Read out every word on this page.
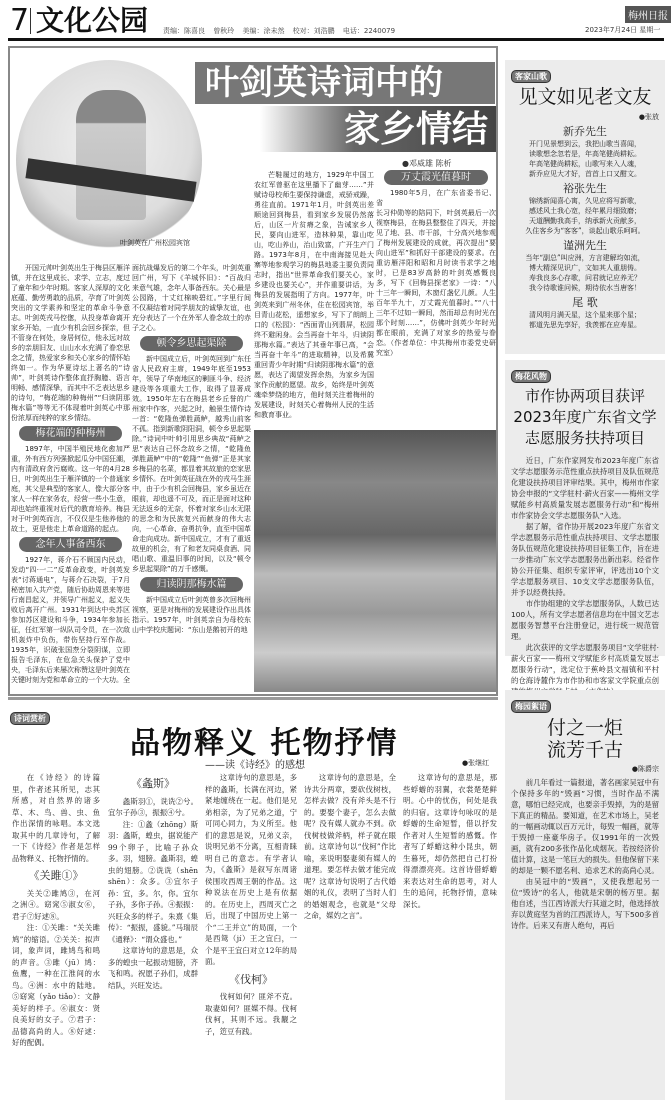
7 文化公园 责编：陈喜良 曾秋玲 美编：涂未然 校对：刘浩鹏 电话：2240079
梅州日报
2023年7月24日 星期一
叶剑英在广州松园宾馆
叶剑英诗词中的
家乡情结
●邓威雄 陈析

开国元帅叶剑英出生于梅县区雁洋镇，并在这里成长、求学、立志，度过了童年和少年时期。客家人深厚的文化底蕴、勤劳勇敢的品质，孕育了叶剑英突出的文学素养和坚定的革命斗争意志。叶剑英戎马倥偬，从投身革命离开家乡开始，一直少有机会回乡探亲，但不管身在何处，身居何位，他永远对故乡的亲朋旧友、山山水水充满了眷恋思念之情，热爱家乡和关心家乡的情怀始终如一。作为华夏诗坛上著名的“诗帅”，叶剑英诗作整体直抒胸臆、语言明畅、感情深挚，而其中不乏表达思乡的诗句，“梅花端的种梅州”“归读阴那梅水篇”等等无不体现着叶剑英心中那份浓厚而纯粹的家乡情结。

梅花端的种梅州

1897年，中国半殖民地化愈加严重，外有西方列强掀起瓜分中国狂潮，内有清政府贪污腐败。这一年的4月28日，叶剑英出生于雁洋镇的一个普通家庭，其父是典型的客家人，像大部分客家人一样在家务农，经营一些小生意，却也始终重视对后代的教育培养。梅县对于叶剑英而言，不仅仅是生他养他的故土，更是他走上革命道路的起点。

念年人事备西东

1927年，蒋介石不顾国内民动，发动“四·一二”反革命政变，叶剑英发表“讨蒋通电”，与蒋介石决裂，于7月秘密加入共产党，随后协助周恩来等进行南昌起义，并领导广州起义，起义失败后离开广州。1931年到达中央苏区参加苏区建设和斗争，1934年参加长征，任红军第一纵队司令员，在一次敌机轰炸中负伤，带伤坚持行军作战。1935年，识破张国焘分裂阴谋，立即报告毛泽东，在危急关头保护了党中央，毛泽东后来屡次称赞这是叶剑英在关键时刻为党和革命立的一个大功。全面抗战爆发后的第二个年头，叶剑英重回广州，写下《羊城怀旧》：“百战归来意气雄，念年人事备西东。关心最是公园路，十丈红棉映碧红。”字里行间不仅凝结着对同学朋友的诚挚友谊，也充分表达了一个在外军人眷念故土的赤子之心。

顿令乡思起渠除

新中国成立后，叶剑英回到广东任省人民政府主席，1949年底至1953年，领导了华南地区的剿匪斗争、经济建设等各项重大工作，取得了显著成效。1950年左右在梅县老乡丘誉的广州家中作客，兴起之时，触景生情作诗一首：“乾隆鱼弹胜蔬鲈，越秀山前客不孤。指到新歌阴阳洞，顿令乡思起渠除。”诗词中叶帅引用思乡典故“莼鲈之思”表达自己怀念故乡之情，“乾隆鱼弹胜蔬鲈”中的“乾隆”“鱼弹”正是其家乡梅县的名菜，都显着其故旅的恋家思乡情怀。在叶剑英征战在外的戎马生涯中，由于少有机会回梅县，家乡虽近在眼前，却也遥不可及，而正是面对这种无法返乡的无奈，怀着对家乡山水无限的思念和为民族复兴而献身的伟大志向，一心革命、奋勇抗争，直至中国革命走向成功。新中国成立，才有了重返故里的机会，有了和老友同桌食酒、同唱山歌、重温旧事的时间，以及“顿令乡思起渠除”的万千感慨。

归读阴那梅水篇

新中国成立后叶剑英曾多次回梅州视察，更是对梅州的发展建设作出具体指示。1957年，叶剑英亲自为母校东山中学校庆题词：“东山是鹅初开的地

芒鞋履过的地方，1929年中国工农红军曾驱在这里播下了幽芽……”并赋诗母校师生要保持谦虚，戒骄戒躁，勇往直前。1971年1月，叶剑英出差顺途回到梅县，看到家乡发展仍然落后，山区一片贫瘠之象，告诫家乡人民，要向山进军，造林种果，靠山吃山，吃山养山，治山致富，广开生产门路。1973年8月，在中南海接见赴大寨等地参观学习的梅县地委主要负责同志时，指出“世界革命我们要关心，家乡建设也要关心”，并作重要讲话，为梅县的发展指明了方向。1977年，叶剑英来到广州冬休，住在松园宾馆，举目青山花松，遥想家乡，写下了朗朗上口的《松园》：“西面青山列翡屏，松园终不避闲身。会当再奋十年斗，归读阴那梅水篇。”表达了其垂年事已高，“会当再奋十年斗”的进取精神，以及希冀重回青少年时期“归读阴那梅水篇”的意愿，表达了渴望发挥余热，为家乡为国家作贡献的愿望。故乡，始终是叶剑英魂牵梦绕的地方，他时刻关注着梅州的发展建设，时刻关心着梅州人民的生活和教育事业。

万丈霞光值暮时

1980年5月，在广东省委书记、省

长习仲勋等的陪同下，叶剑英最后一次视察梅县，在梅县整整住了四天，并接见了地、县、市干部，十分高兴地参观了梅州发展建设的成就，再次提出“要向山进军”和抓好干部建设的要求。在重访雁洋阳和昭和月时读书求学之地时，已是83岁高龄的叶剑英感慨良多，写下《回梅县探老家》一诗：“八十三年一瞬间，木窗灯盏忆儿颜。人生百年半九十，万丈霞光值暮时。”“八十三年不过如一瞬间，然而却总有时光在那个时刻……”，仿佛叶剑英少年时光都在眼前，充满了对家乡的热爱与眷恋。（作者单位：中共梅州市委党史研究室）

客家山歌
见文如见老文友
●张放
新乔先生
开门见景想到云，我把山歌当喜闻，
读歌想念忽若是，年高笔健尚耕耘。
年高笔健尚耕耘，山歌写来入人魂，
新乔应见大才好，首首上口又酣文。
裕张先生
锦绣新闻喜心寓，久见应将写新歌，
感述风土我心宽，经年累月细致磨；
天道酬勤我高手，纳承新火贡献多，
久住客乡为“客客”，谈起山歌乐呵呵。
谨洲先生
当年“副总”叫应洲，方言建解均如流，
博大精深见识广，文如其人重朋俦。
寿我良多心存歌，问君就记应养无？
我今待歌谁问候，期待依水当唐客！
尾 歌
清风明月满天星，这个星来那个星；
都道先思先享好，我羡都在应寿星。
梅花风物
市作协两项目获评2023年度广东省文学志愿服务扶持项目

近日，广东作家网发布2023年度广东省文学志愿服务示范性重点扶持项目及队伍规范化建设扶持项目评审结果。其中，梅州市作家协会申报的“文学驻村·薪火百家——梅州文学赋能乡村高质量发展志愿服务行动”和“梅州市作家协会文学志愿服务队”入选。

据了解，省作协开展2023年度广东省文学志愿服务示范性重点扶持项目、文学志愿服务队伍规范化建设扶持项目征集工作，旨在进一步推动广东文学志愿服务出新出彩。经省作协公开征集、组织专家评审，评选出10个文学志愿服务项目、10支文学志愿服务队伍，并予以经费扶持。

市作协组建的文学志愿服务队，人数已达100人，所有文学志愿者信息均在中国文艺志愿服务智慧平台注册登记，进行统一规范管理。

此次获评的文学志愿服务项目“文学驻村·薪火百家——梅州文学赋能乡村高质量发展志愿服务行动”，选定位于蕉岭县文福镇和平村的仓海诗麓作为市作协和市客家文学院重点创

梅园絮语
付之一炬
流芳千古
●陈爵宗

前几年看过一篇报道，著名画家吴冠中有个保持多年的“毁画”习惯，当时作品不满意，哪怕已经完成，也要亲手毁掉，为的是留下真正的精品。要知道，在艺术市场上，吴老的一幅画动辄以百万元计，每毁一幅画，就等于毁掉一座豪华房子。仅1991年的一次毁画，就有200多张作品化成烟灰。若按经济价值计算，这是一笔巨大的损失。但他保留下来的却是一颗不愿名利、追求艺术的高尚心灵。

由吴冠中的“毁画”，又使我想起另一位“毁诗”的名人，他就是宋朝的杨万里。据他自述，当江西诗派大行其道之时，他选择放弃以黄庭坚为首的江西派诗人，写下500多首诗作。后来又有唐人绝句，再后

诗词赏析
品物释义 托物抒情
——读《诗经》的感想	●张继红

在《诗经》的诗篇里，作者述其所见，志其所感，对自然界的诸多草、木、鸟、兽、虫、鱼作出深情的咏唱。本文选取其中的几章诗句，了解一下《诗经》作者是怎样品物释义、托物抒情的。

《关雎①》

关关②雎鸠③，在河之洲④。窈窕⑤淑女⑥，君子⑦好逑⑧。

注：①关雎：“关关雎鸠”的缩语。②关关：拟声词，象声词，雎鸠鸟和鸣的声音。③雎（jū）鸠：鱼鹰，一种在江淮间的水鸟。④洲：水中的陆地。⑤窈窕（yǎo tiǎo）：文静美好的样子。⑥淑女：贤良美好的女子。⑦君子：品德高尚的人。⑧好逑：好的配偶。

《螽斯》

螽斯羽①，诜诜②兮。宜尔子孙③，振振④兮。

注：①螽（zhōng）斯羽：螽斯，蝗虫，据说能产99个卵子，比喻子孙众多。羽，翅膀。螽斯羽，蝗虫的翅膀。②诜诜（shēn shēn）：众多。③宜尔子孙：宜，多。尔，你。宜尔子孙，多你子孙。④振振：兴旺众多的样子。朱熹《集传》：“振振，盛貌。”马瑞辰《通释》：“谓众盛也。”

这章诗句的意思是，众多的蝗虫一起振动翅膀，齐飞和鸣。祝愿子孙们，成群结队，兴旺发达。

这章诗句的意思是，多样的螽斯，长满在河边，紧紧地缠绕在一起。他们是兄弟相亲，为了兄弟之道，宁可同心同力，为义所至。他们的意思是说，兄弟义亲，说明兄弟不分离，互相青睐明自己的意志。有学者认为，《螽斯》是叙写东周诸侯围攻西周王朝的作品。这种说法在历史上是有依据的。在历史上，西周灭亡之后，出现了中国历史上第一个“二王并立”的局面，一个是西鸳（jí）王之宜臼，一个是平王宜臼对立12年的局面。

《伐柯》

伐柯如何？匪斧不克。取妻如何？匪媒不得。伐柯伐柯，其则不远。我觏之子，笾豆有践。

这章诗句的意思是，全诗共分两章，要砍伐树枝，怎样去做？没有斧头是不行的。要娶个妻子，怎么去做呢？没有媒人就办不到。砍伐树枝做斧柄，样子就在眼前。这章诗句以“伐柯”作比喻，来说明娶妻须有媒人的道理。要怎样去做才能完成呢？这章诗句说明了古代婚姻的礼仪，表明了当时人们的婚姻观念，也就是“父母之命，媒妁之言”。

这章诗句的意思是，那些蜉蝣的羽翼，衣裳楚楚鲜明。心中的忧伤，何处是我的归宿。这章诗句咏叹的是蜉蝣的生命短暂，借以抒发作者对人生短暂的感慨。作者写了蜉蝣这种小昆虫，朝生暮死，却仍然把自己打扮得漂漂亮亮。这首诗借蜉蝣来表达对生命的思考，对人生的追问，托物抒情，意味深长。
